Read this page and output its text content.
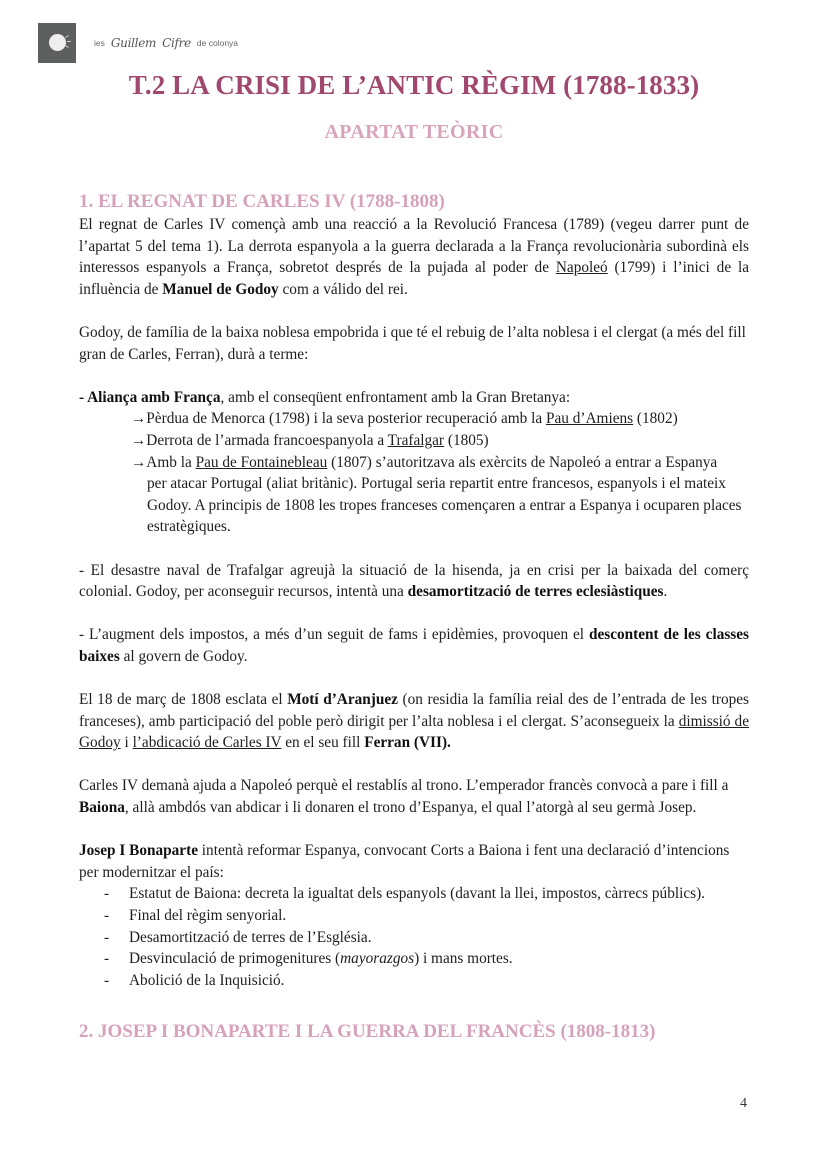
ies Guillem Cifre de colonya
T.2 LA CRISI DE L’ANTIC RÈGIM (1788-1833)
APARTAT TEÒRIC
1. EL REGNAT DE CARLES IV (1788-1808)

El regnat de Carles IV començà amb una reacció a la Revolució Francesa (1789) (vegeu darrer punt de l’apartat 5 del tema 1). La derrota espanyola a la guerra declarada a la França revolucionària subordinà els interessos espanyols a França, sobretot després de la pujada al poder de Napoleó (1799) i l’inici de la influència de Manuel de Godoy com a válido del rei.

Godoy, de família de la baixa noblesa empobrida i que té el rebuig de l’alta noblesa i el clergat (a més del fill gran de Carles, Ferran), durà a terme:

- Aliança amb França, amb el conseqüent enfrontament amb la Gran Bretanya:

→Pèrdua de Menorca (1798) i la seva posterior recuperació amb la Pau d’Amiens (1802)
→Derrota de l’armada francoespanyola a Trafalgar (1805)
→Amb la Pau de Fontainebleau (1807) s’autoritzava als exèrcits de Napoleó a entrar a Espanya
per atacar Portugal (aliat britànic). Portugal seria repartit entre francesos, espanyols i el mateix Godoy. A principis de 1808 les tropes franceses començaren a entrar a Espanya i ocuparen places estratègiques.

- El desastre naval de Trafalgar agreujà la situació de la hisenda, ja en crisi per la baixada del comerç colonial. Godoy, per aconseguir recursos, intentà una desamortització de terres eclesiàstiques.

- L’augment dels impostos, a més d’un seguit de fams i epidèmies, provoquen el descontent de les classes baixes al govern de Godoy.

El 18 de març de 1808 esclata el Motí d’Aranjuez (on residia la família reial des de l’entrada de les tropes franceses), amb participació del poble però dirigit per l’alta noblesa i el clergat. S’aconsegueix la dimissió de Godoy i l’abdicació de Carles IV en el seu fill Ferran (VII).

Carles IV demanà ajuda a Napoleó perquè el restablís al trono. L’emperador francès convocà a pare i fill a Baiona, allà ambdós van abdicar i li donaren el trono d’Espanya, el qual l’atorgà al seu germà Josep.

Josep I Bonaparte intentà reformar Espanya, convocant Corts a Baiona i fent una declaració d’intencions per modernitzar el país:

- Estatut de Baiona: decreta la igualtat dels espanyols (davant la llei, impostos, càrrecs públics).
- Final del règim senyorial.
- Desamortització de terres de l’Església.
- Desvinculació de primogenitures (mayorazgos) i mans mortes.
- Abolició de la Inquisició.
2. JOSEP I BONAPARTE I LA GUERRA DEL FRANCÈS (1808-1813)
4
